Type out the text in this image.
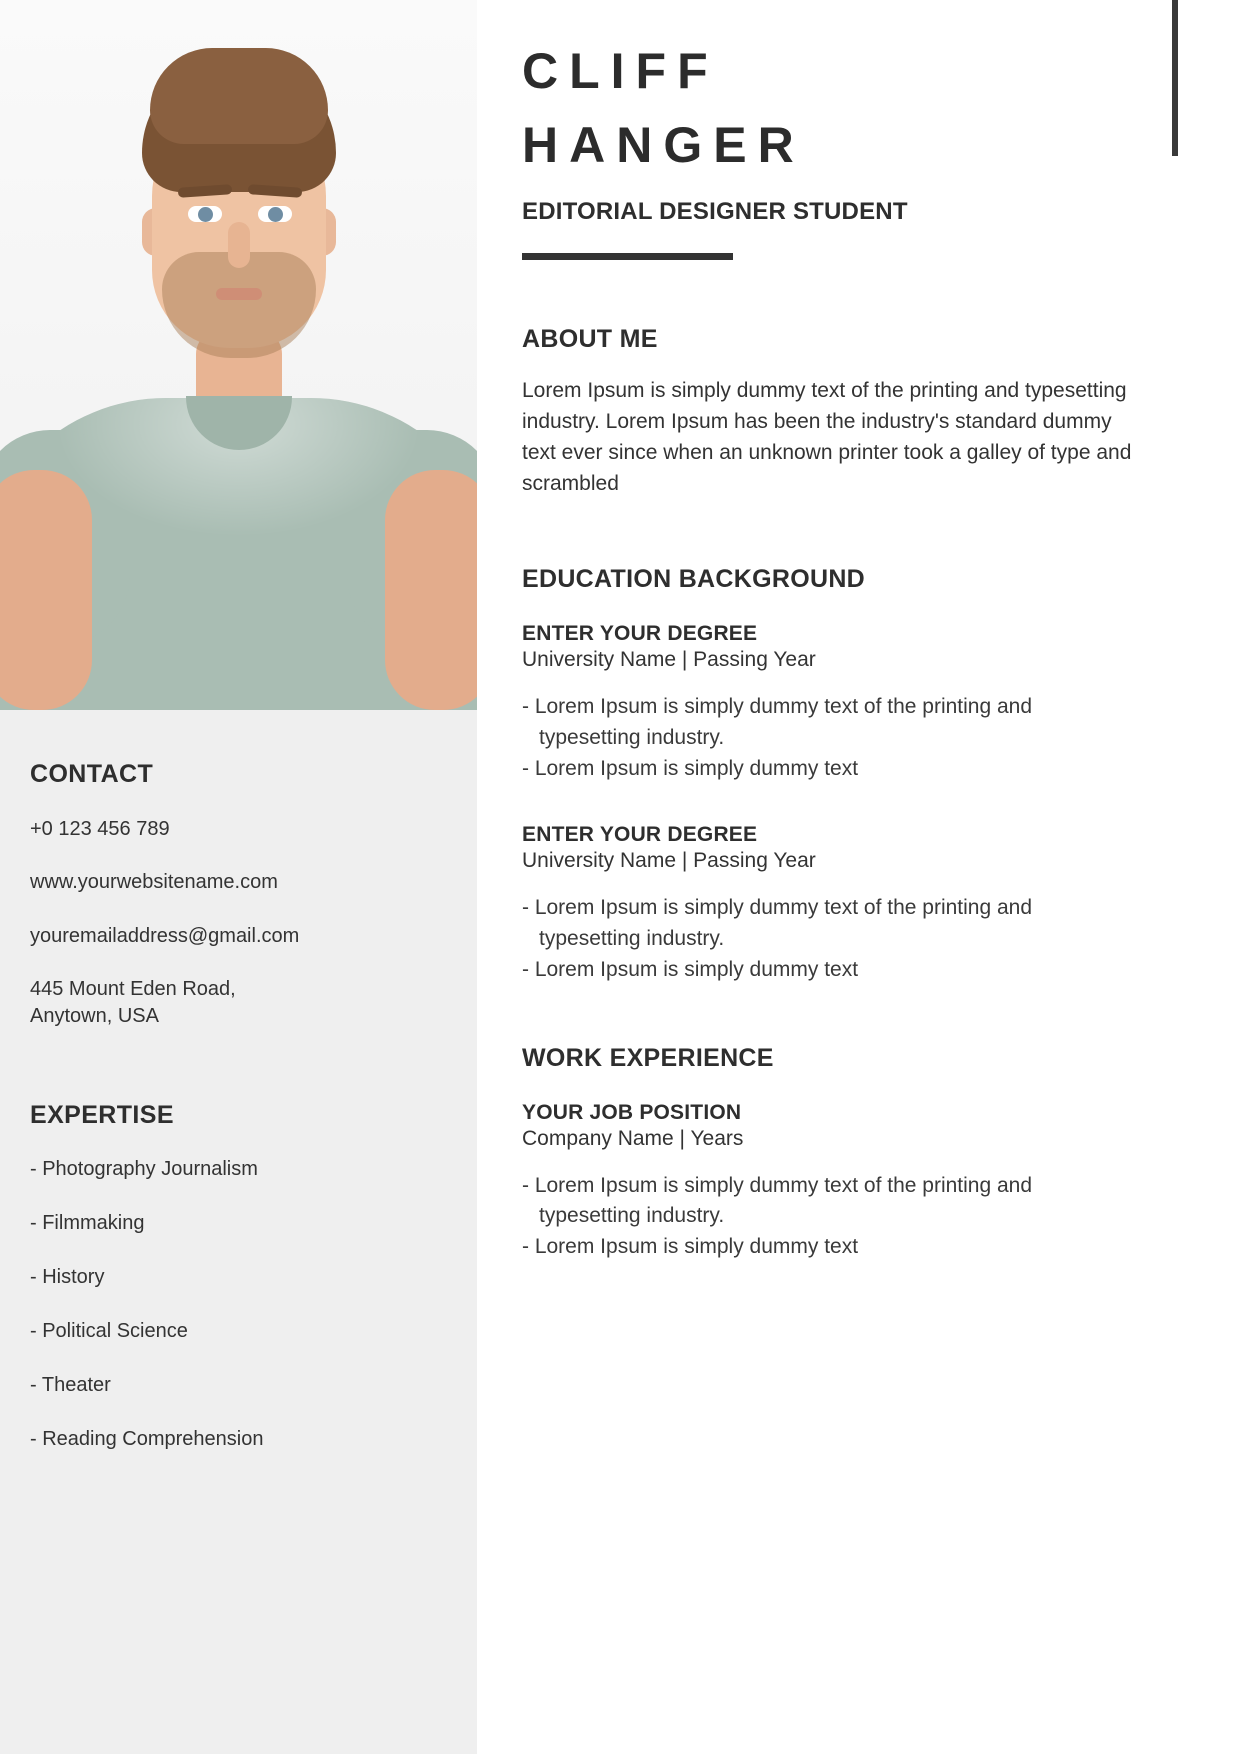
CONTACT
+0 123 456 789
www.yourwebsitename.com
youremailaddress@gmail.com
445 Mount Eden Road,
Anytown, USA
EXPERTISE
- Photography Journalism
- Filmmaking
- History
- Political Science
- Theater
- Reading Comprehension
CLIFF
HANGER
EDITORIAL DESIGNER STUDENT
ABOUT ME
Lorem Ipsum is simply dummy text of the printing and typesetting industry. Lorem Ipsum has been the industry's standard dummy text ever since when an unknown printer took a galley of type and scrambled
EDUCATION BACKGROUND
ENTER YOUR DEGREE
University Name | Passing Year
- Lorem Ipsum is simply dummy text of the printing and typesetting industry.
- Lorem Ipsum is simply dummy text
ENTER YOUR DEGREE
University Name | Passing Year
- Lorem Ipsum is simply dummy text of the printing and typesetting industry.
- Lorem Ipsum is simply dummy text
WORK EXPERIENCE
YOUR JOB POSITION
Company Name | Years
- Lorem Ipsum is simply dummy text of the printing and typesetting industry.
- Lorem Ipsum is simply dummy text
